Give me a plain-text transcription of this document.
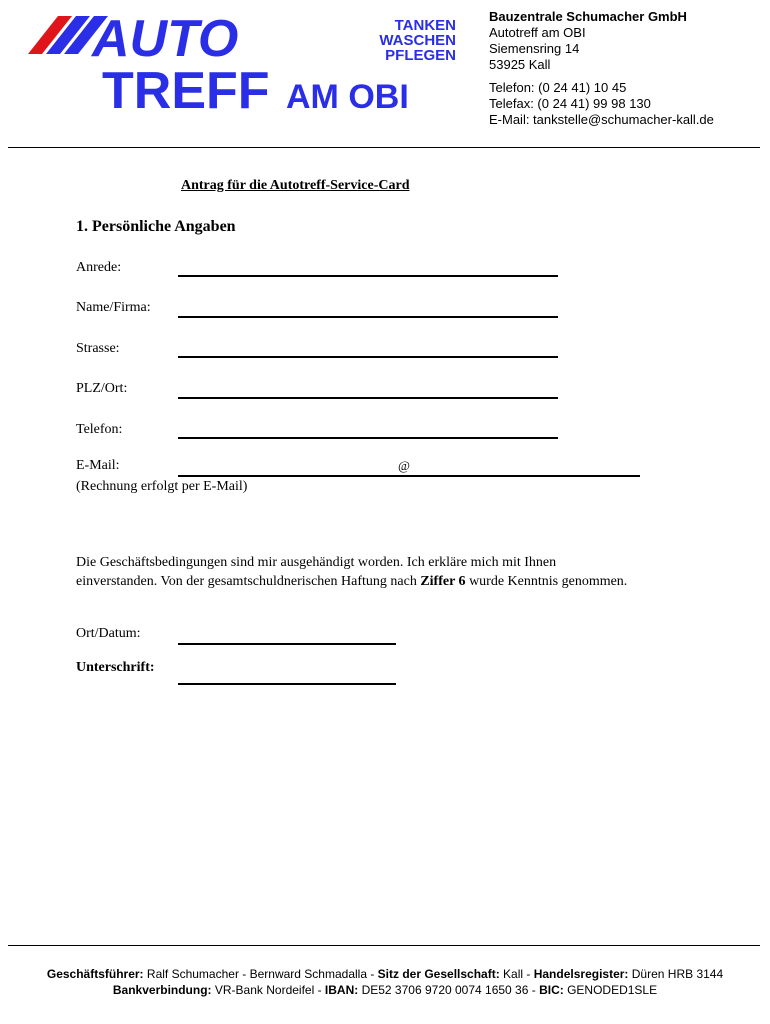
AUTO
TREFF AM OBI
TANKEN
WASCHEN
PFLEGEN
Bauzentrale Schumacher GmbH
Autotreff am OBI
Siemensring 14
53925 Kall
Telefon: (0 24 41) 10 45
Telefax: (0 24 41) 99 98 130
E-Mail: tankstelle@schumacher-kall.de
Antrag für die Autotreff-Service-Card
1. Persönliche Angaben
Anrede:
Name/Firma:
Strasse:
PLZ/Ort:
Telefon:
E-Mail:	@
(Rechnung erfolgt per E-Mail)
Die Geschäftsbedingungen sind mir ausgehändigt worden. Ich erkläre mich mit Ihnen einverstanden. Von der gesamtschuldnerischen Haftung nach Ziffer 6 wurde Kenntnis genommen.
Ort/Datum:
Unterschrift:
Geschäftsführer: Ralf Schumacher - Bernward Schmadalla - Sitz der Gesellschaft: Kall - Handelsregister: Düren HRB 3144
Bankverbindung: VR-Bank Nordeifel - IBAN: DE52 3706 9720 0074 1650 36 - BIC: GENODED1SLE
